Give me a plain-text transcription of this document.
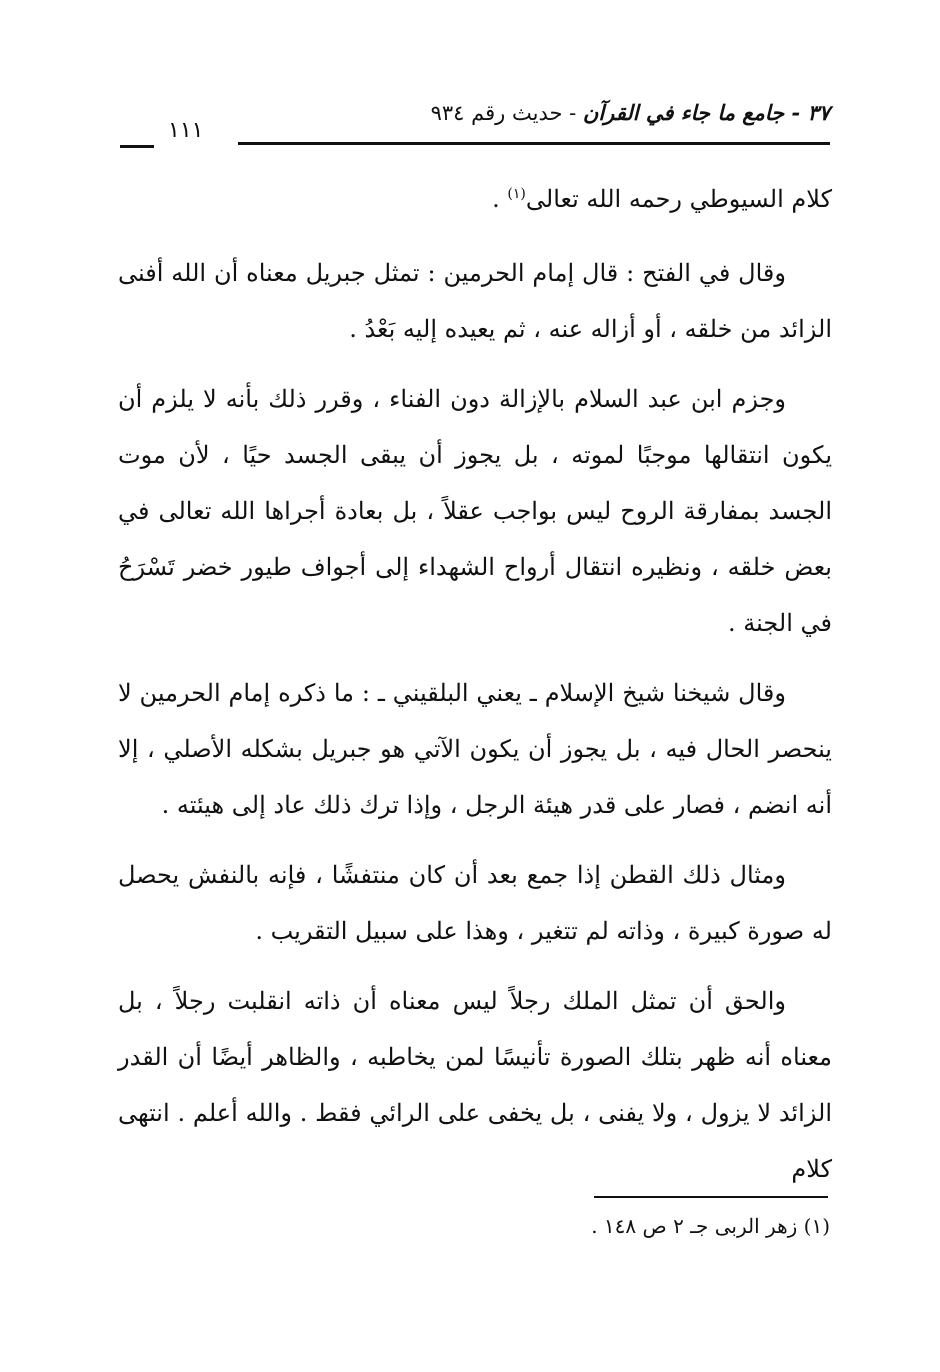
٣٧ - جامع ما جاء في القرآن - حديث رقم ٩٣٤
١١١

كلام السيوطي رحمه الله تعالى$^{(١)}$ .

وقال في الفتح : قال إمام الحرمين : تمثل جبريل معناه أن الله أفنى الزائد من خلقه ، أو أزاله عنه ، ثم يعيده إليه بَعْدُ .

وجزم ابن عبد السلام بالإزالة دون الفناء ، وقرر ذلك بأنه لا يلزم أن يكون انتقالها موجبًا لموته ، بل يجوز أن يبقى الجسد حيًا ، لأن موت الجسد بمفارقة الروح ليس بواجب عقلاً ، بل بعادة أجراها الله تعالى في بعض خلقه ، ونظيره انتقال أرواح الشهداء إلى أجواف طيور خضر تَسْرَحُ في الجنة .

وقال شيخنا شيخ الإسلام ـ يعني البلقيني ـ : ما ذكره إمام الحرمين لا ينحصر الحال فيه ، بل يجوز أن يكون الآتي هو جبريل بشكله الأصلي ، إلا أنه انضم ، فصار على قدر هيئة الرجل ، وإذا ترك ذلك عاد إلى هيئته .

ومثال ذلك القطن إذا جمع بعد أن كان منتفشًا ، فإنه بالنفش يحصل له صورة كبيرة ، وذاته لم تتغير ، وهذا على سبيل التقريب .

والحق أن تمثل الملك رجلاً ليس معناه أن ذاته انقلبت رجلاً ، بل معناه أنه ظهر بتلك الصورة تأنيسًا لمن يخاطبه ، والظاهر أيضًا أن القدر الزائد لا يزول ، ولا يفنى ، بل يخفى على الرائي فقط . والله أعلم . انتهى كلام

(١) زهر الربى جـ ٢ ص ١٤٨ .
